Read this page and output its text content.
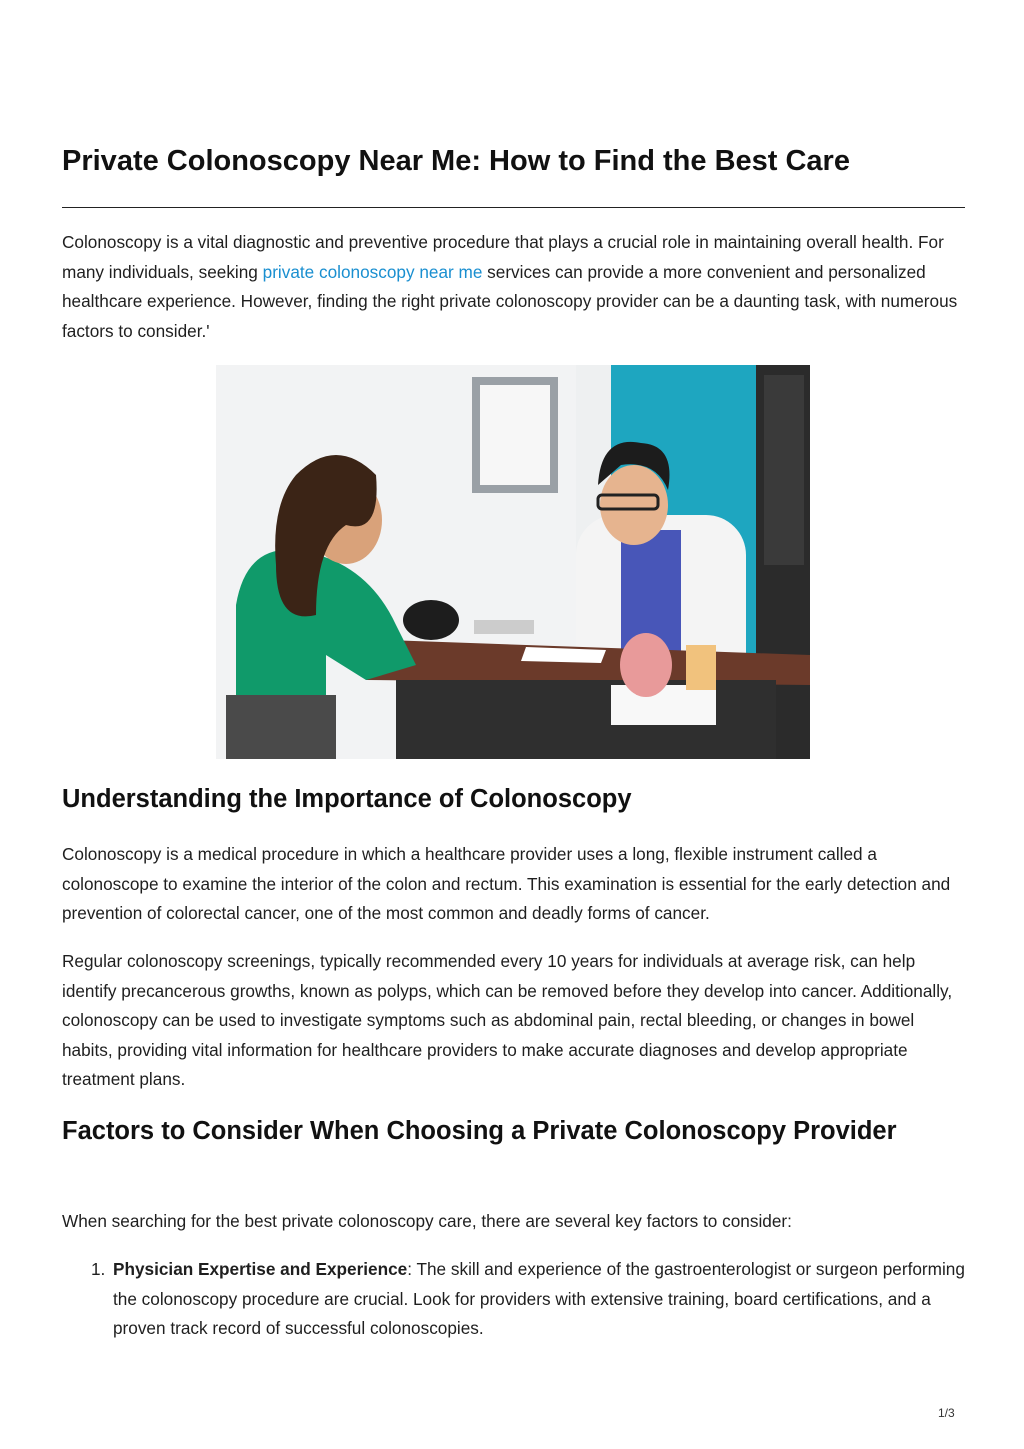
Private Colonoscopy Near Me: How to Find the Best Care

Colonoscopy is a vital diagnostic and preventive procedure that plays a crucial role in maintaining overall health. For many individuals, seeking private colonoscopy near me services can provide a more convenient and personalized healthcare experience. However, finding the right private colonoscopy provider can be a daunting task, with numerous factors to consider.'

Understanding the Importance of Colonoscopy

Colonoscopy is a medical procedure in which a healthcare provider uses a long, flexible instrument called a colonoscope to examine the interior of the colon and rectum. This examination is essential for the early detection and prevention of colorectal cancer, one of the most common and deadly forms of cancer.

Regular colonoscopy screenings, typically recommended every 10 years for individuals at average risk, can help identify precancerous growths, known as polyps, which can be removed before they develop into cancer. Additionally, colonoscopy can be used to investigate symptoms such as abdominal pain, rectal bleeding, or changes in bowel habits, providing vital information for healthcare providers to make accurate diagnoses and develop appropriate treatment plans.

Factors to Consider When Choosing a Private Colonoscopy Provider

When searching for the best private colonoscopy care, there are several key factors to consider:

1. Physician Expertise and Experience: The skill and experience of the gastroenterologist or surgeon performing the colonoscopy procedure are crucial. Look for providers with extensive training, board certifications, and a proven track record of successful colonoscopies.
1/3
